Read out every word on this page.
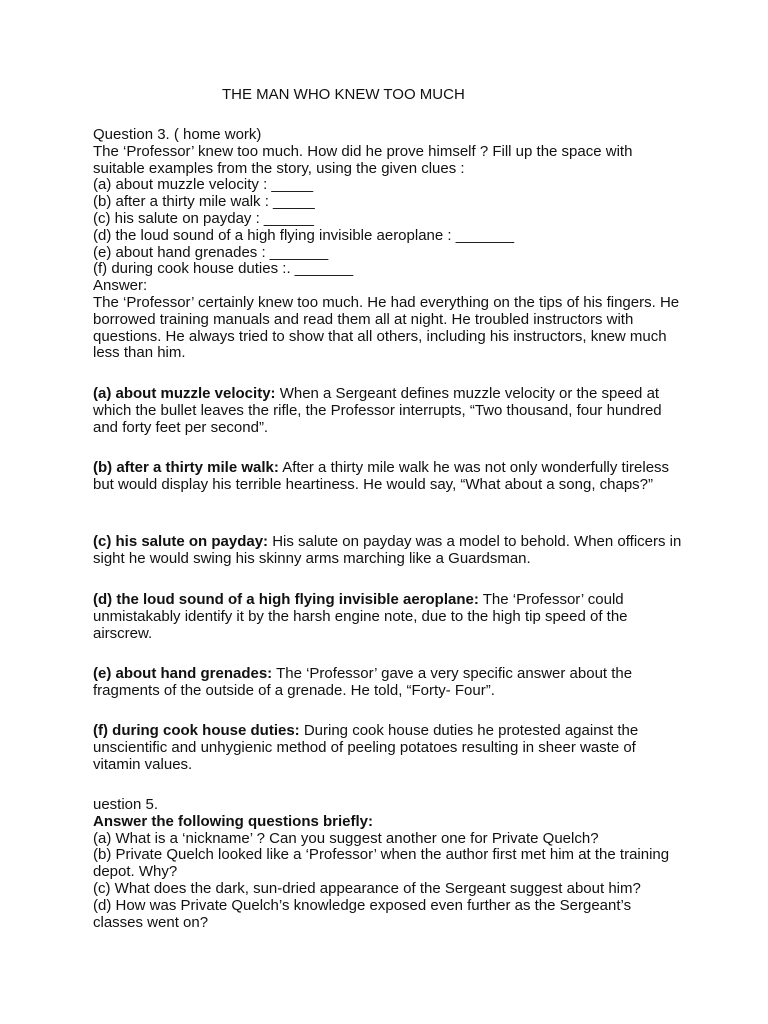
THE MAN WHO KNEW TOO MUCH
Question 3. ( home work)
The ‘Professor’ knew too much. How did he prove himself ? Fill up the space with suitable examples from the story, using the given clues :
(a) about muzzle velocity : _____
(b) after a thirty mile walk : _____
(c) his salute on payday : ______
(d) the loud sound of a high flying invisible aeroplane : _______
(e) about hand grenades : _______
(f) during cook house duties :. _______
Answer:
The ‘Professor’ certainly knew too much. He had everything on the tips of his fingers. He borrowed training manuals and read them all at night. He troubled instructors with questions. He always tried to show that all others, including his instructors, knew much less than him.
(a) about muzzle velocity: When a Sergeant defines muzzle velocity or the speed at which the bullet leaves the rifle, the Professor interrupts, “Two thousand, four hundred and forty feet per second”.
(b) after a thirty mile walk: After a thirty mile walk he was not only wonderfully tireless but would display his terrible heartiness. He would say, “What about a song, chaps?”
(c) his salute on payday: His salute on payday was a model to behold. When officers in sight he would swing his skinny arms marching like a Guardsman.
(d) the loud sound of a high flying invisible aeroplane: The ‘Professor’ could unmistakably identify it by the harsh engine note, due to the high tip speed of the airscrew.
(e) about hand grenades: The ‘Professor’ gave a very specific answer about the fragments of the outside of a grenade. He told, “Forty- Four”.
(f) during cook house duties: During cook house duties he protested against the unscientific and unhygienic method of peeling potatoes resulting in sheer waste of vitamin values.
uestion 5.
Answer the following questions briefly:
(a) What is a ‘nickname’ ? Can you suggest another one for Private Quelch?
(b) Private Quelch looked like a ‘Professor’ when the author first met him at the training depot. Why?
(c) What does the dark, sun-dried appearance of the Sergeant suggest about him?
(d) How was Private Quelch’s knowledge exposed even further as the Sergeant’s classes went on?
